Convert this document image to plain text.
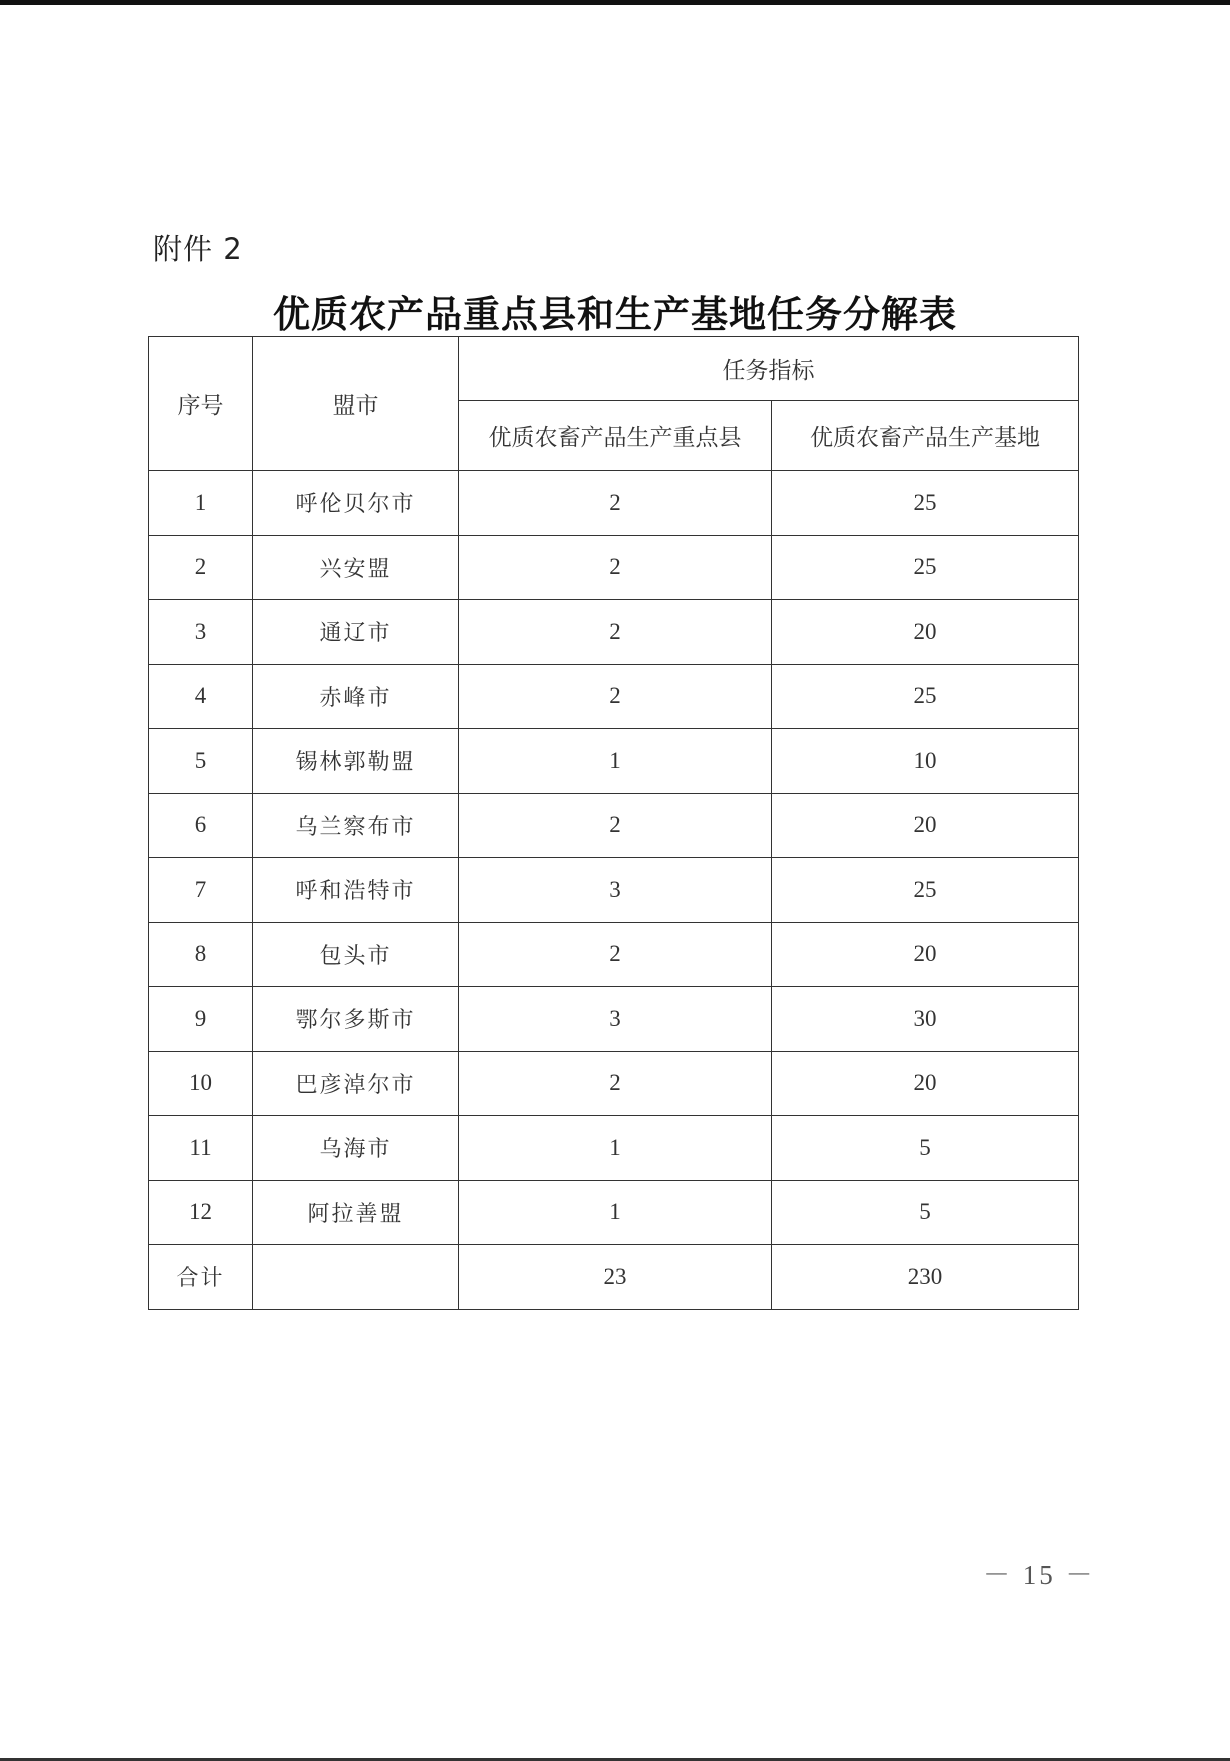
附件 2
优质农产品重点县和生产基地任务分解表
序号	盟市	任务指标	
		优质农畜产品生产重点县	优质农畜产品生产基地
1	呼伦贝尔市	2	25
2	兴安盟	2	25
3	通辽市	2	20
4	赤峰市	2	25
5	锡林郭勒盟	1	10
6	乌兰察布市	2	20
7	呼和浩特市	3	25
8	包头市	2	20
9	鄂尔多斯市	3	30
10	巴彦淖尔市	2	20
11	乌海市	1	5
12	阿拉善盟	1	5
合计		23	230
－ 15 －
